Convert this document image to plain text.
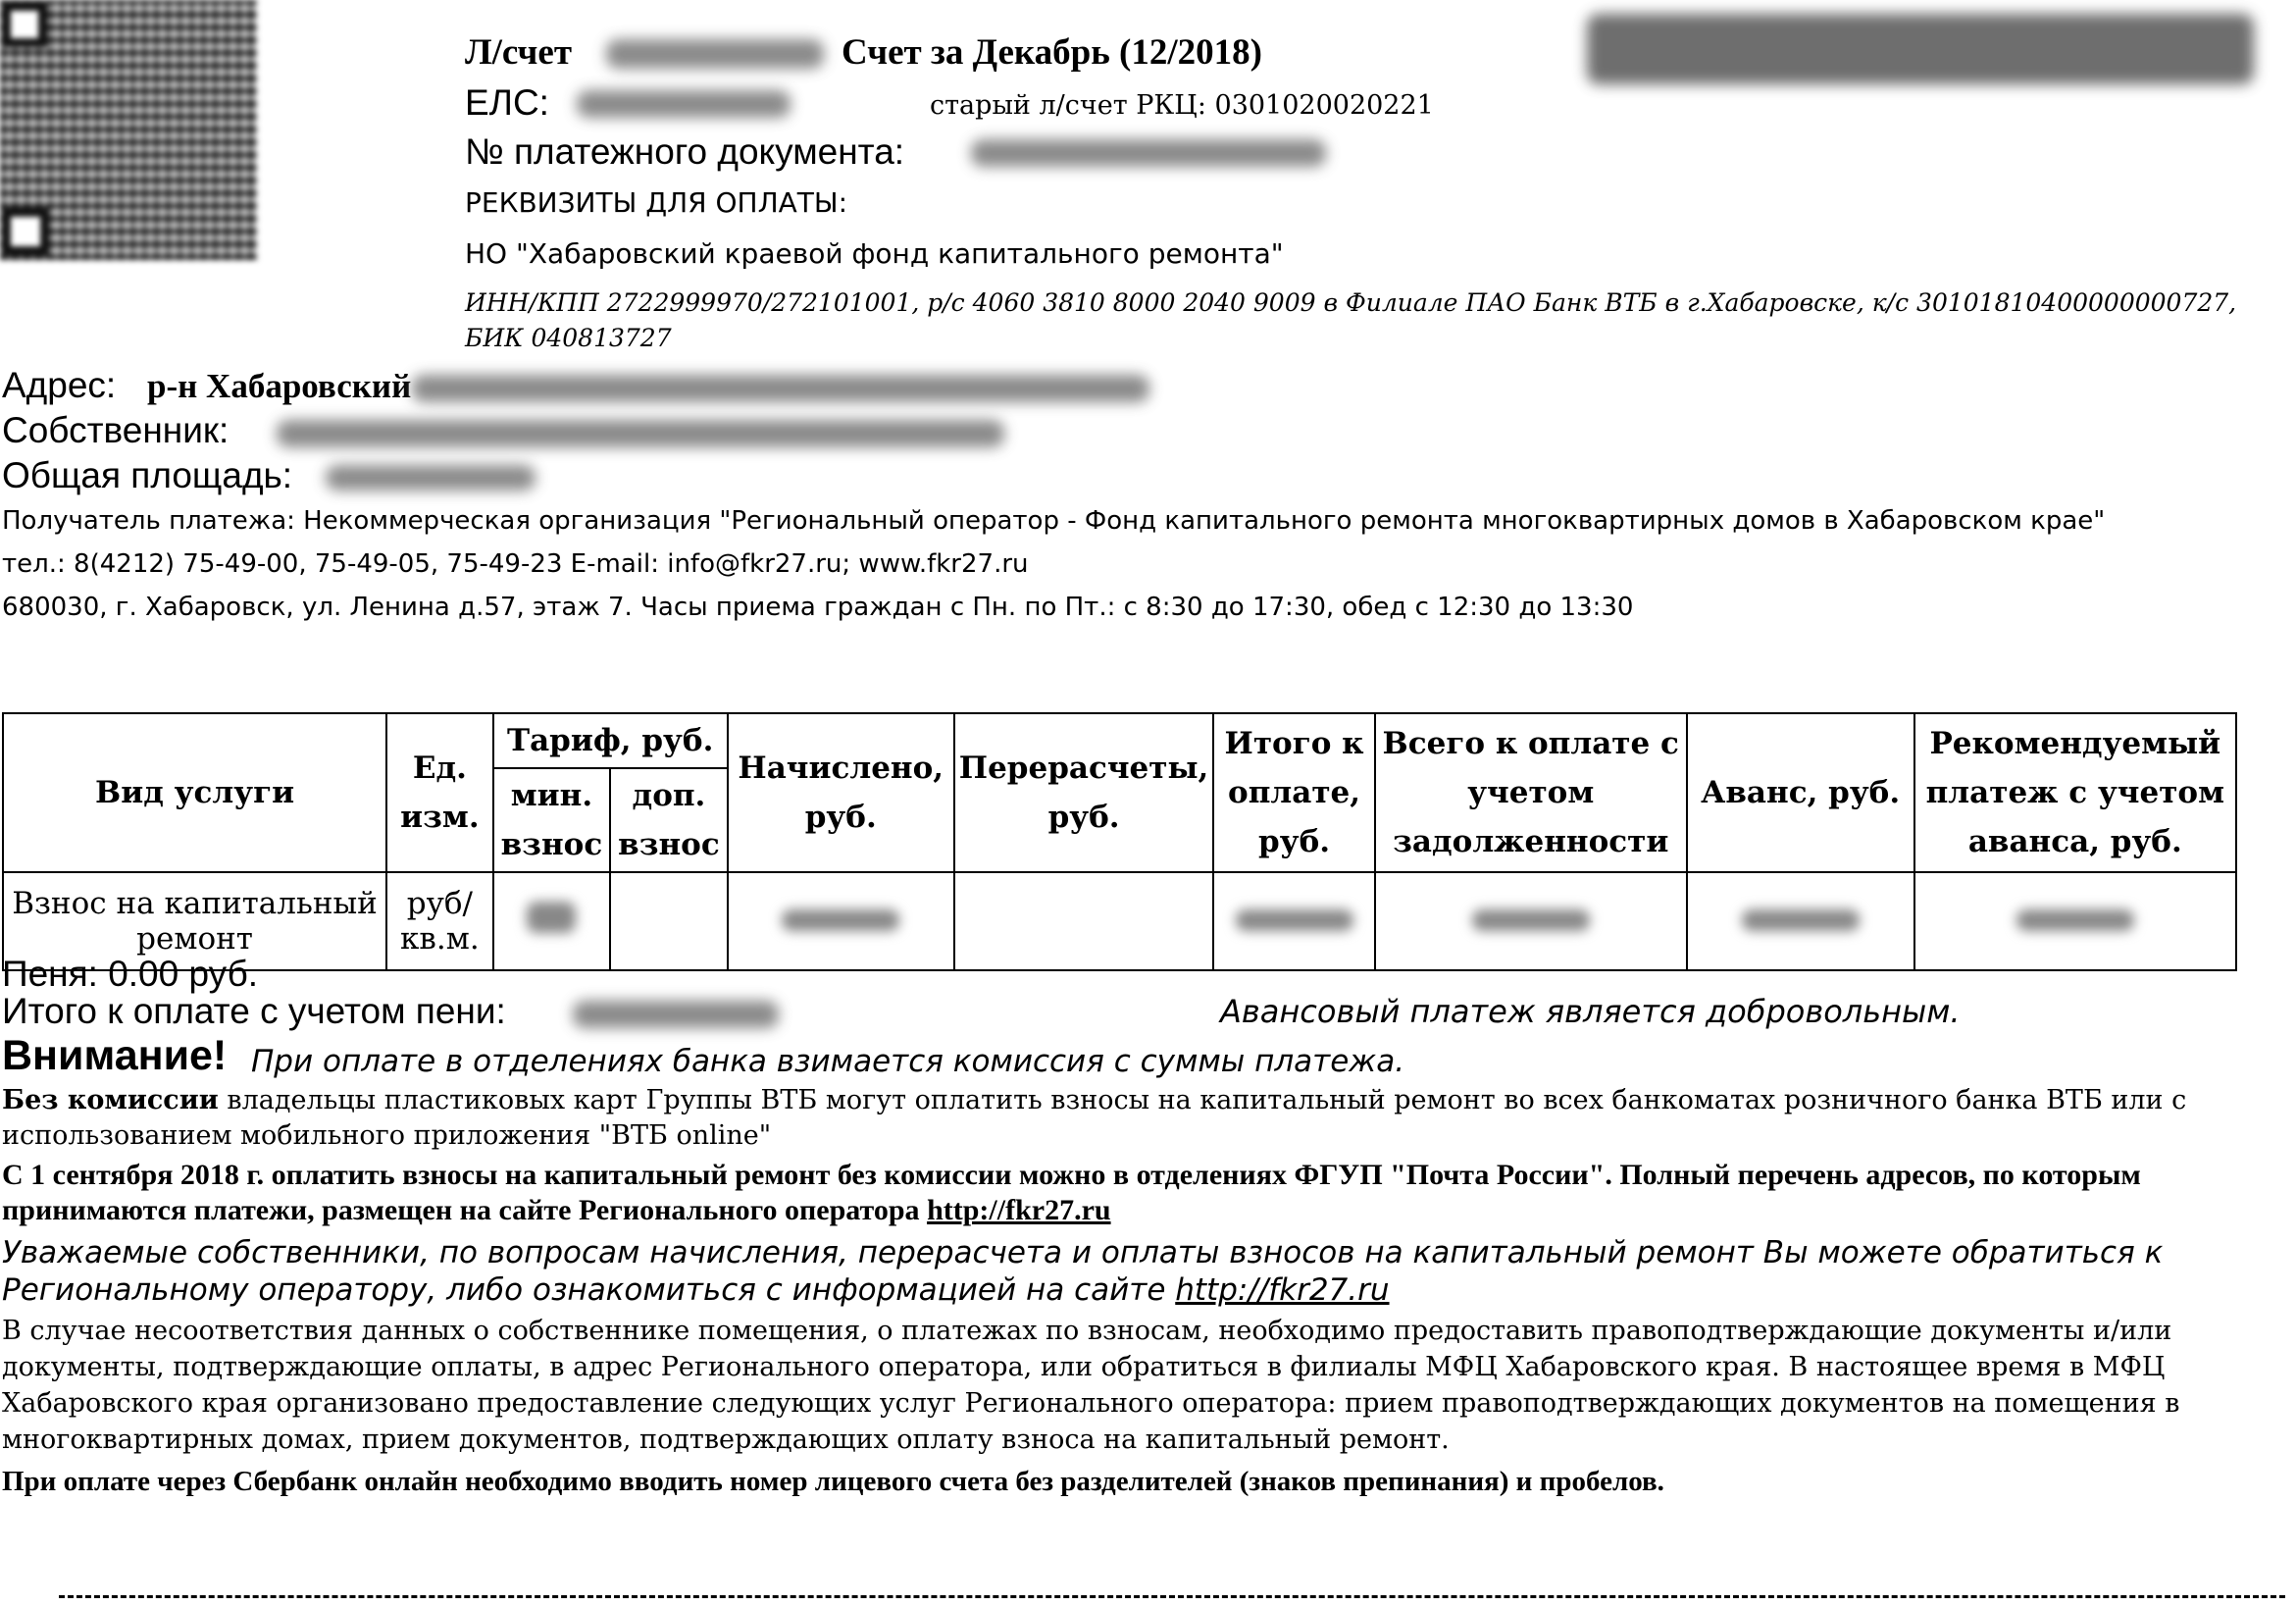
Л/счет	Счет за Декабрь (12/2018)
ЕЛС:	старый л/счет РКЦ: 0301020020221
№ платежного документа:
РЕКВИЗИТЫ ДЛЯ ОПЛАТЫ:
НО "Хабаровский краевой фонд капитального ремонта"
ИНН/КПП 2722999970/272101001, р/с 4060 3810 8000 2040 9009 в Филиале ПАО Банк ВТБ в г.Хабаровске, к/с 30101810400000000727,
БИК 040813727
Адрес: р-н Хабаровский
Собственник:
Общая площадь:
Получатель платежа: Некоммерческая организация "Региональный оператор - Фонд капитального ремонта многоквартирных домов в Хабаровском крае"
тел.: 8(4212) 75-49-00, 75-49-05, 75-49-23 E-mail: info@fkr27.ru; www.fkr27.ru
680030, г. Хабаровск, ул. Ленина д.57, этаж 7. Часы приема граждан с Пн. по Пт.: с 8:30 до 17:30, обед с 12:30 до 13:30
Вид услуги	Ед. изм.	Тариф, руб.		Начислено, руб.	Перерасчеты, руб.	Итого к оплате, руб.	Всего к оплате с учетом задолженности	Аванс, руб.	Рекомендуемый платеж с учетом аванса, руб.
		мин. взнос	доп. взнос						
Взнос на капитальный ремонт	руб/ кв.м.								
Пеня: 0.00 руб.
Итого к оплате с учетом пени:	Авансовый платеж является добровольным.
Внимание! При оплате в отделениях банка взимается комиссия с суммы платежа.
Без комиссии владельцы пластиковых карт Группы ВТБ могут оплатить взносы на капитальный ремонт во всех банкоматах розничного банка ВТБ или с использованием мобильного приложения "ВТБ online"
С 1 сентября 2018 г. оплатить взносы на капитальный ремонт без комиссии можно в отделениях ФГУП "Почта России". Полный перечень адресов, по которым принимаются платежи, размещен на сайте Регионального оператора http://fkr27.ru
Уважаемые собственники, по вопросам начисления, перерасчета и оплаты взносов на капитальный ремонт Вы можете обратиться к Региональному оператору, либо ознакомиться с информацией на сайте http://fkr27.ru
В случае несоответствия данных о собственнике помещения, о платежах по взносам, необходимо предоставить правоподтверждающие документы и/или документы, подтверждающие оплаты, в адрес Регионального оператора, или обратиться в филиалы МФЦ Хабаровского края. В настоящее время в МФЦ Хабаровского края организовано предоставление следующих услуг Регионального оператора: прием правоподтверждающих документов на помещения в многоквартирных домах, прием документов, подтверждающих оплату взноса на капитальный ремонт.
При оплате через Сбербанк онлайн необходимо вводить номер лицевого счета без разделителей (знаков препинания) и пробелов.
